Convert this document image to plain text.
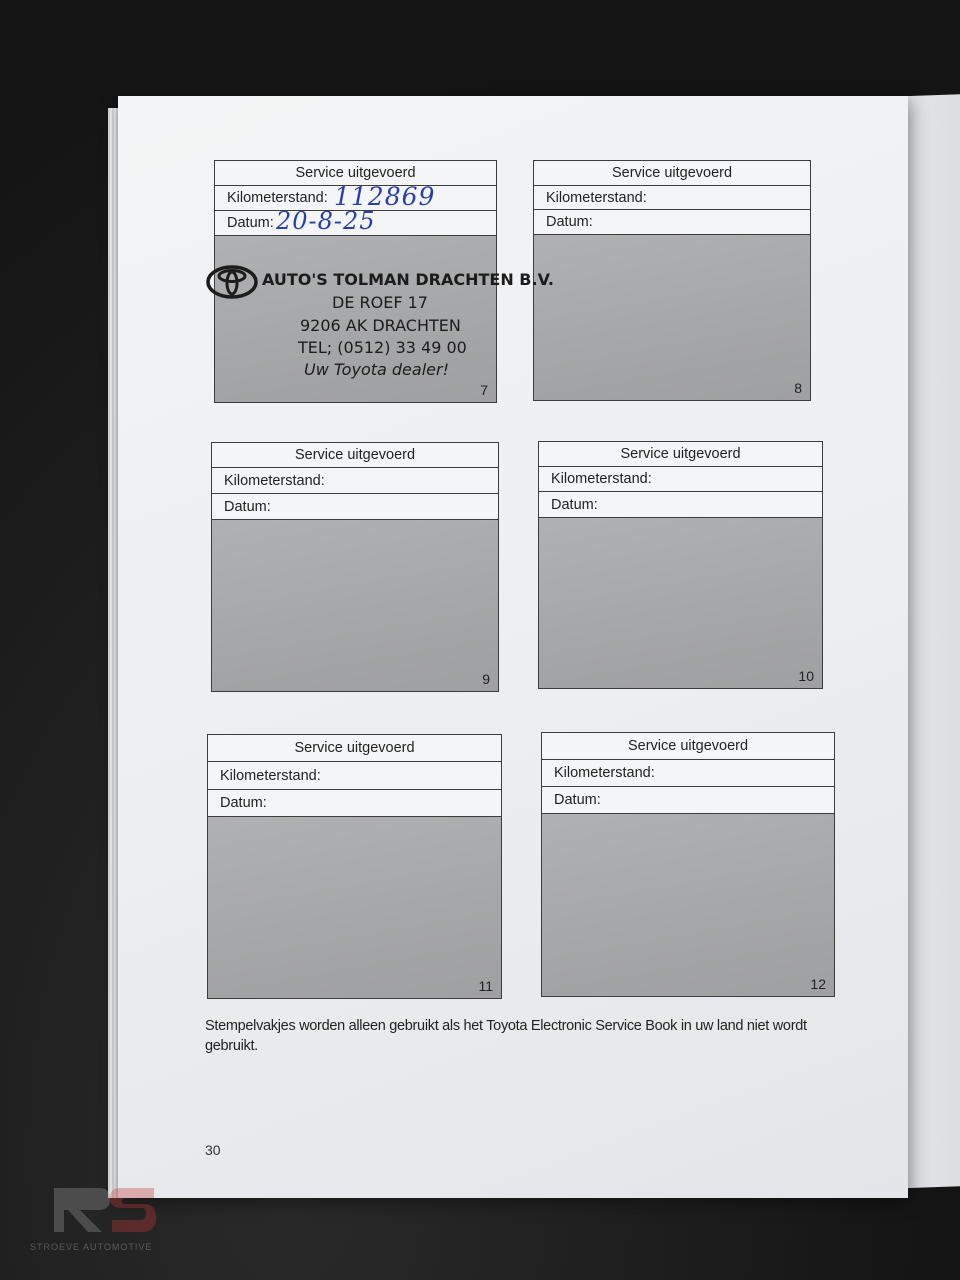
Service uitgevoerd
Kilometerstand:
Datum:
7
Service uitgevoerd
Kilometerstand:
Datum:
8
Service uitgevoerd
Kilometerstand:
Datum:
9
Service uitgevoerd
Kilometerstand:
Datum:
10
Service uitgevoerd
Kilometerstand:
Datum:
11
Service uitgevoerd
Kilometerstand:
Datum:
12
112869
20-8-25
AUTO'S TOLMAN DRACHTEN B.V.
DE ROEF 17
9206 AK DRACHTEN
TEL; (0512) 33 49 00
Uw Toyota dealer!
Stempelvakjes worden alleen gebruikt als het Toyota Electronic Service Book in uw land niet wordt gebruikt.
30
STROEVE AUTOMOTIVE
